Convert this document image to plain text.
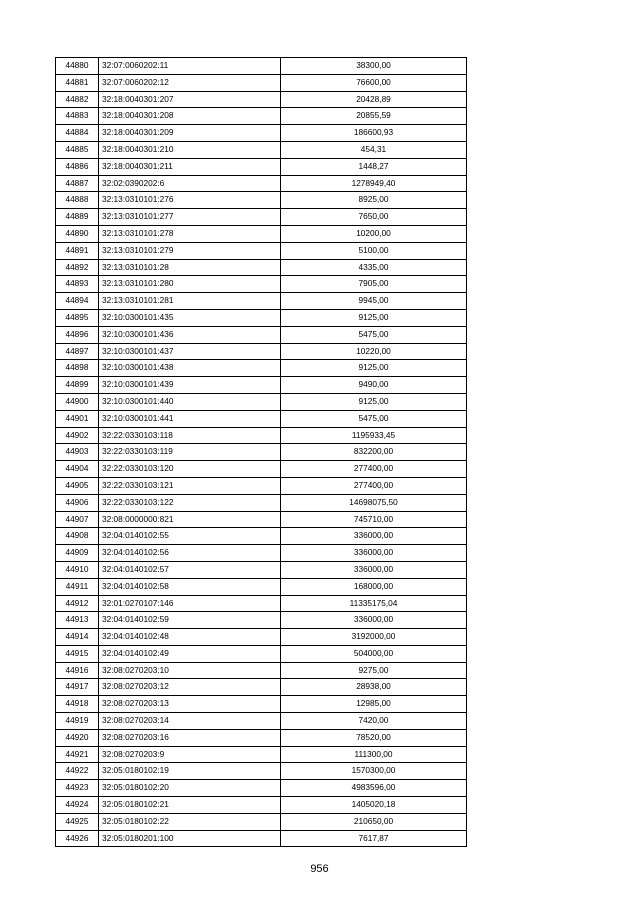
44880	32:07:0060202:11	38300,00
44881	32:07:0060202:12	76600,00
44882	32:18:0040301:207	20428,89
44883	32:18:0040301:208	20855,59
44884	32:18:0040301:209	186600,93
44885	32:18:0040301:210	454,31
44886	32:18:0040301:211	1448,27
44887	32:02:0390202:6	1278949,40
44888	32:13:0310101:276	8925,00
44889	32:13:0310101:277	7650,00
44890	32:13:0310101:278	10200,00
44891	32:13:0310101:279	5100,00
44892	32:13:0310101:28	4335,00
44893	32:13:0310101:280	7905,00
44894	32:13:0310101:281	9945,00
44895	32:10:0300101:435	9125,00
44896	32:10:0300101:436	5475,00
44897	32:10:0300101:437	10220,00
44898	32:10:0300101:438	9125,00
44899	32:10:0300101:439	9490,00
44900	32:10:0300101:440	9125,00
44901	32:10:0300101:441	5475,00
44902	32:22:0330103:118	1195933,45
44903	32:22:0330103:119	832200,00
44904	32:22:0330103:120	277400,00
44905	32:22:0330103:121	277400,00
44906	32:22:0330103:122	14698075,50
44907	32:08:0000000:821	745710,00
44908	32:04:0140102:55	336000,00
44909	32:04:0140102:56	336000,00
44910	32:04:0140102:57	336000,00
44911	32:04:0140102:58	168000,00
44912	32:01:0270107:146	11335175,04
44913	32:04:0140102:59	336000,00
44914	32:04:0140102:48	3192000,00
44915	32:04:0140102:49	504000,00
44916	32:08:0270203:10	9275,00
44917	32:08:0270203:12	28938,00
44918	32:08:0270203:13	12985,00
44919	32:08:0270203:14	7420,00
44920	32:08:0270203:16	78520,00
44921	32:08:0270203:9	111300,00
44922	32:05:0180102:19	1570300,00
44923	32:05:0180102:20	4983596,00
44924	32:05:0180102:21	1405020,18
44925	32:05:0180102:22	210650,00
44926	32:05:0180201:100	7617,87
956
